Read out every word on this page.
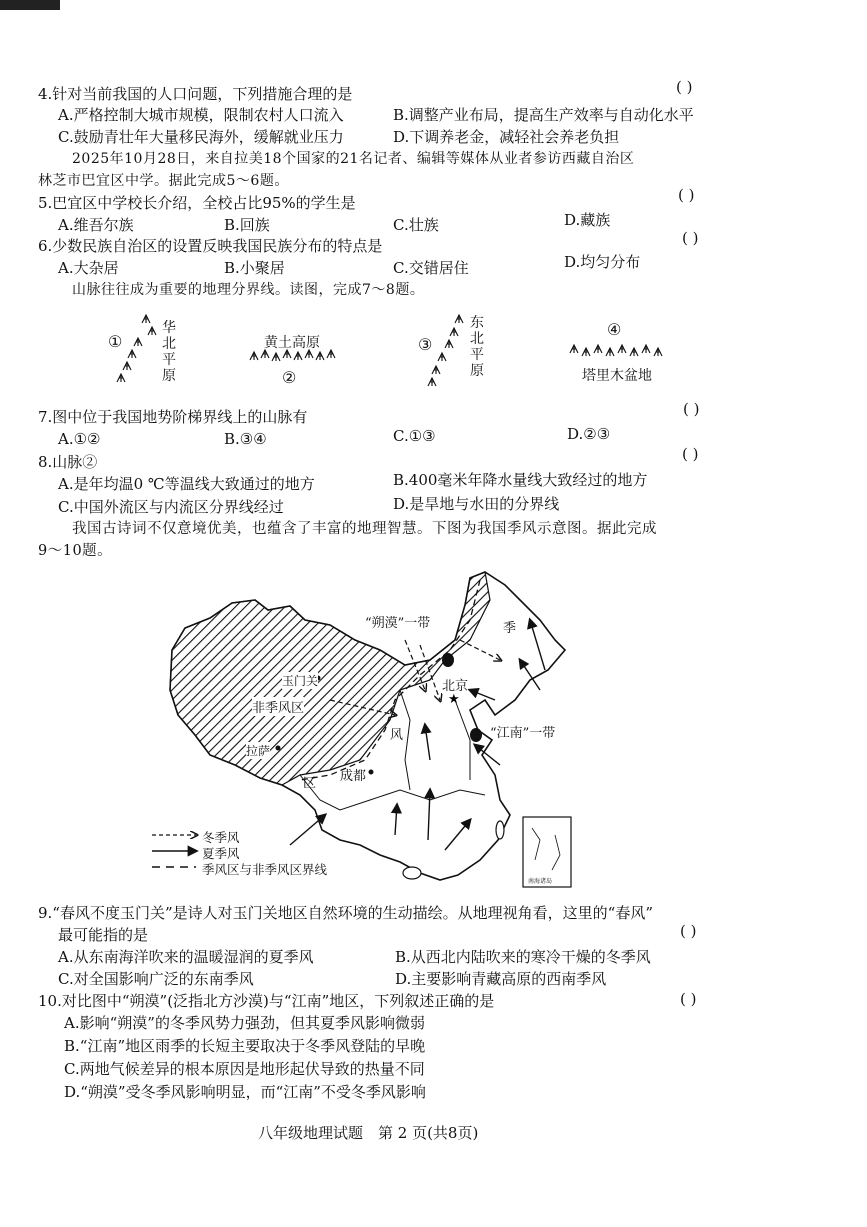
4.针对当前我国的人口问题，下列措施合理的是	( )
A.严格控制大城市规模，限制农村人口流入	B.调整产业布局，提高生产效率与自动化水平
C.鼓励青壮年大量移民海外，缓解就业压力	D.下调养老金，减轻社会养老负担
2025年10月28日，来自拉美18个国家的21名记者、编辑等媒体从业者参访西藏自治区
林芝市巴宜区中学。据此完成5～6题。
5.巴宜区中学校长介绍，全校占比95%的学生是	( )
A.维吾尔族	B.回族	C.壮族	D.藏族
6.少数民族自治区的设置反映我国民族分布的特点是	( )
A.大杂居	B.小聚居	C.交错居住	D.均匀分布
山脉往往成为重要的地理分界线。读图，完成7～8题。
①
华北平原
黄土高原
②
③
东北平原
④
塔里木盆地
7.图中位于我国地势阶梯界线上的山脉有	( )
A.①②	B.③④	C.①③	D.②③
8.山脉②	( )
A.是年均温0 ℃等温线大致通过的地方	B.400毫米年降水量线大致经过的地方
C.中国外流区与内流区分界线经过	D.是旱地与水田的分界线
我国古诗词不仅意境优美，也蕴含了丰富的地理智慧。下图为我国季风示意图。据此完成
9～10题。
★
“朔漠”一带
“江南”一带
玉门关
非季风区
拉萨
北京
成都
季
风
区
冬季风
夏季风
季风区与非季风区界线
南海诸岛
9.“春风不度玉门关”是诗人对玉门关地区自然环境的生动描绘。从地理视角看，这里的“春风”
最可能指的是	( )
A.从东南海洋吹来的温暖湿润的夏季风	B.从西北内陆吹来的寒冷干燥的冬季风
C.对全国影响广泛的东南季风	D.主要影响青藏高原的西南季风
10.对比图中“朔漠”(泛指北方沙漠)与“江南”地区，下列叙述正确的是	( )
A.影响“朔漠”的冬季风势力强劲，但其夏季风影响微弱
B.“江南”地区雨季的长短主要取决于冬季风登陆的早晚
C.两地气候差异的根本原因是地形起伏导致的热量不同
D.“朔漠”受冬季风影响明显，而“江南”不受冬季风影响
八年级地理试题　第 2 页(共8页)
